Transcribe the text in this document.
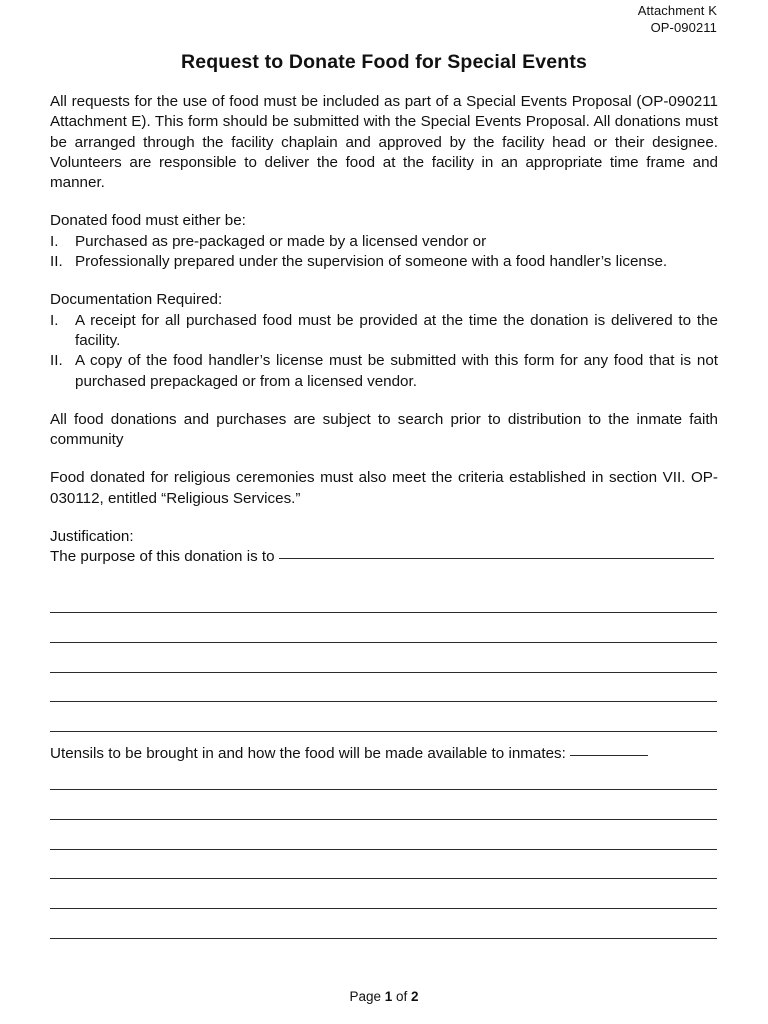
Attachment K
OP-090211
Request to Donate Food for Special Events

All requests for the use of food must be included as part of a Special Events Proposal (OP-090211 Attachment E). This form should be submitted with the Special Events Proposal. All donations must be arranged through the facility chaplain and approved by the facility head or their designee. Volunteers are responsible to deliver the food at the facility in an appropriate time frame and manner.

Donated food must either be:

I.	Purchased as pre-packaged or made by a licensed vendor or
II. Professionally prepared under the supervision of someone with a food handler’s license.

Documentation Required:

I.	A receipt for all purchased food must be provided at the time the donation is delivered to the facility.
II. A copy of the food handler’s license must be submitted with this form for any food that is not purchased prepackaged or from a licensed vendor.

All food donations and purchases are subject to search prior to distribution to the inmate faith community

Food donated for religious ceremonies must also meet the criteria established in section VII. OP-030112, entitled “Religious Services.”

Justification:

The purpose of this donation is to

Utensils to be brought in and how the food will be made available to inmates:
Page 1 of 2
